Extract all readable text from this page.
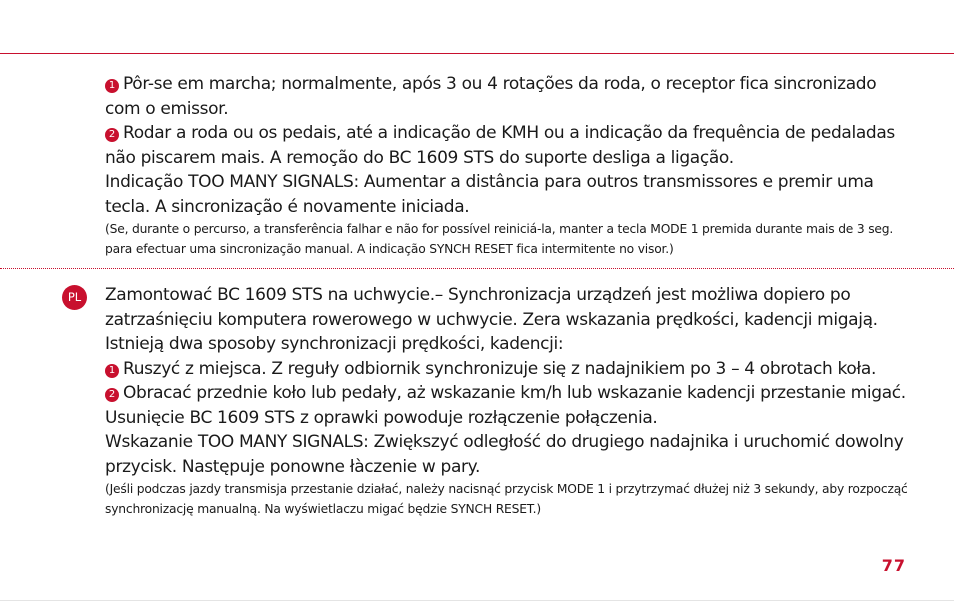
1 Pôr-se em marcha; normalmente, após 3 ou 4 rotações da roda, o receptor fica sincronizado com o emissor.

2 Rodar a roda ou os pedais, até a indicação de KMH ou a indicação da frequência de pedaladas não piscarem mais. A remoção do BC 1609 STS do suporte desliga a ligação.

Indicação TOO MANY SIGNALS: Aumentar a distância para outros transmissores e premir uma tecla. A sincronização é novamente iniciada.

(Se, durante o percurso, a transferência falhar e não for possível reiniciá-la, manter a tecla MODE 1 premida durante mais de 3 seg. para efectuar uma sincronização manual. A indicação SYNCH RESET fica intermitente no visor.)

PL	Zamontować BC 1609 STS na uchwycie.– Synchronizacja urządzeń jest możliwa dopiero po zatrzaśnięciu komputera rowerowego w uchwycie. Zera wskazania prędkości, kadencji migają. Istnieją dwa sposoby synchronizacji prędkości, kadencji:

1 Ruszyć z miejsca. Z reguły odbiornik synchronizuje się z nadajnikiem po 3 – 4 obrotach koła.

2 Obracać przednie koło lub pedały, aż wskazanie km/h lub wskazanie kadencji przestanie migać. Usunięcie BC 1609 STS z oprawki powoduje rozłączenie połączenia.

Wskazanie TOO MANY SIGNALS: Zwiększyć odległość do drugiego nadajnika i uruchomić dowolny przycisk. Następuje ponowne łàczenie w pary.

(Jeśli podczas jazdy transmisja przestanie działać, należy nacisnąć przycisk MODE 1 i przytrzymać dłużej niż 3 sekundy, aby rozpocząć synchronizację manualną. Na wyświetlaczu migać będzie SYNCH RESET.)

77
